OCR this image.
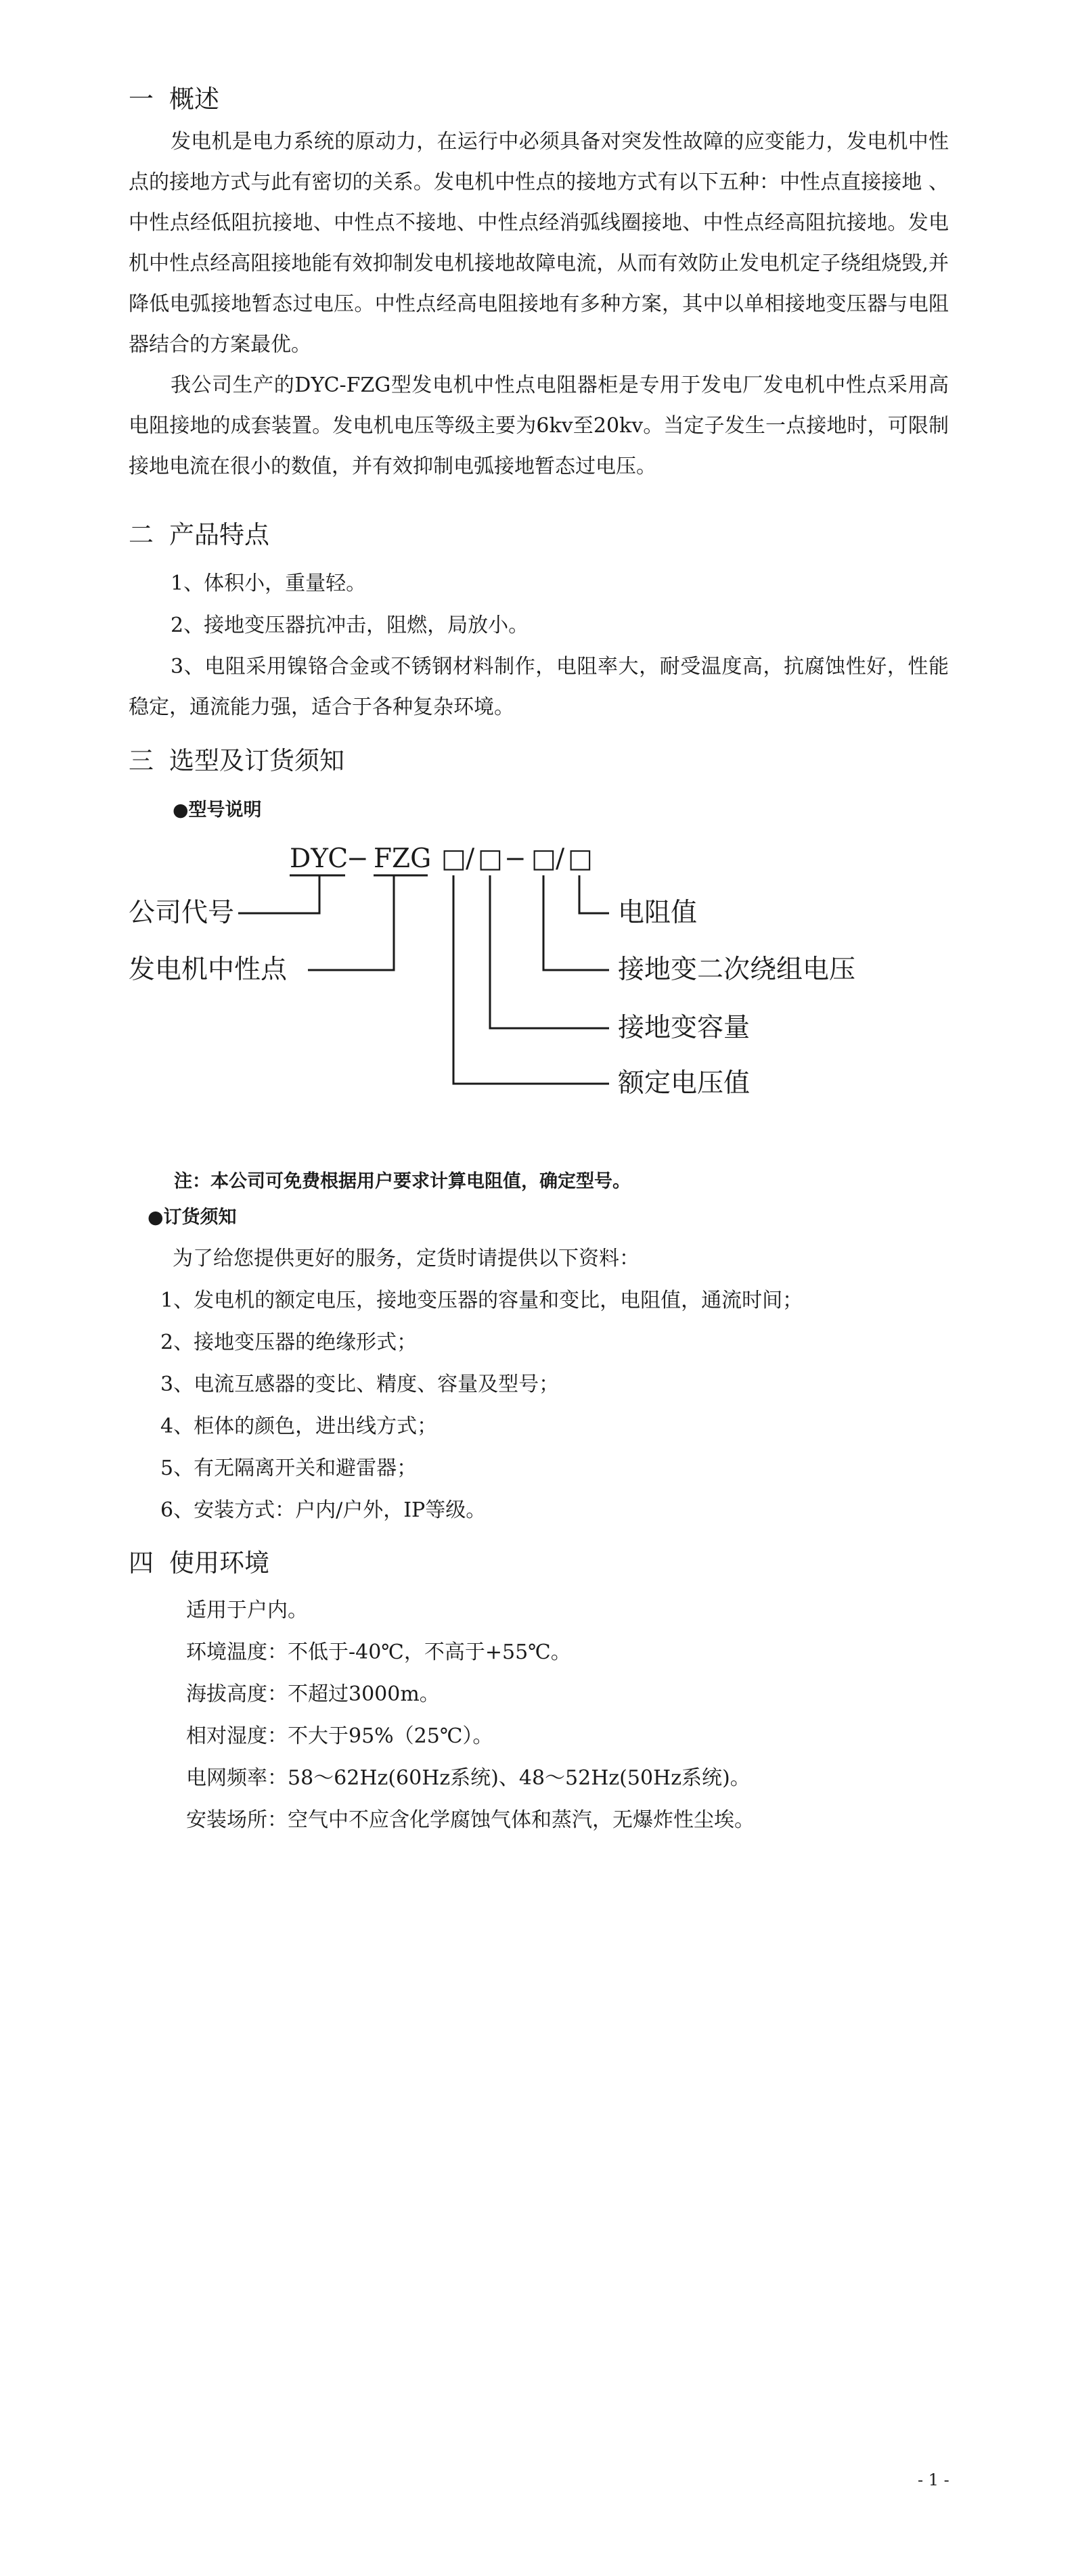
一 概述

发电机是电力系统的原动力，在运行中必须具备对突发性故障的应变能力，发电机中性点的接地方式与此有密切的关系。发电机中性点的接地方式有以下五种：中性点直接接地 、中性点经低阻抗接地、中性点不接地、中性点经消弧线圈接地、中性点经高阻抗接地。发电机中性点经高阻接地能有效抑制发电机接地故障电流，从而有效防止发电机定子绕组烧毁,并降低电弧接地暂态过电压。中性点经高电阻接地有多种方案，其中以单相接地变压器与电阻器结合的方案最优。

我公司生产的DYC-FZG型发电机中性点电阻器柜是专用于发电厂发电机中性点采用高电阻接地的成套装置。发电机电压等级主要为6kv至20kv。当定子发生一点接地时，可限制接地电流在很小的数值，并有效抑制电弧接地暂态过电压。

二 产品特点

1、体积小，重量轻。

2、接地变压器抗冲击，阻燃，局放小。

3、电阻采用镍铬合金或不锈钢材料制作，电阻率大，耐受温度高，抗腐蚀性好，性能稳定，通流能力强，适合于各种复杂环境。

三 选型及订货须知

●型号说明

DYC

− FZG □ / □ − □ / □

公司代号

发电机中性点

电阻值

接地变二次绕组电压

接地变容量

额定电压值

注：本公司可免费根据用户要求计算电阻值，确定型号。

●订货须知

为了给您提供更好的服务，定货时请提供以下资料：

1、发电机的额定电压，接地变压器的容量和变比，电阻值，通流时间；

2、接地变压器的绝缘形式；

3、电流互感器的变比、精度、容量及型号；

4、柜体的颜色，进出线方式；

5、有无隔离开关和避雷器；

6、安装方式：户内/户外，IP等级。

四 使用环境

适用于户内。

环境温度：不低于-40℃，不高于+55℃。

海拔高度：不超过3000m。

相对湿度：不大于95%（25℃）。

电网频率：58～62Hz(60Hz系统)、48～52Hz(50Hz系统)。

安装场所：空气中不应含化学腐蚀气体和蒸汽，无爆炸性尘埃。

- 1 -
